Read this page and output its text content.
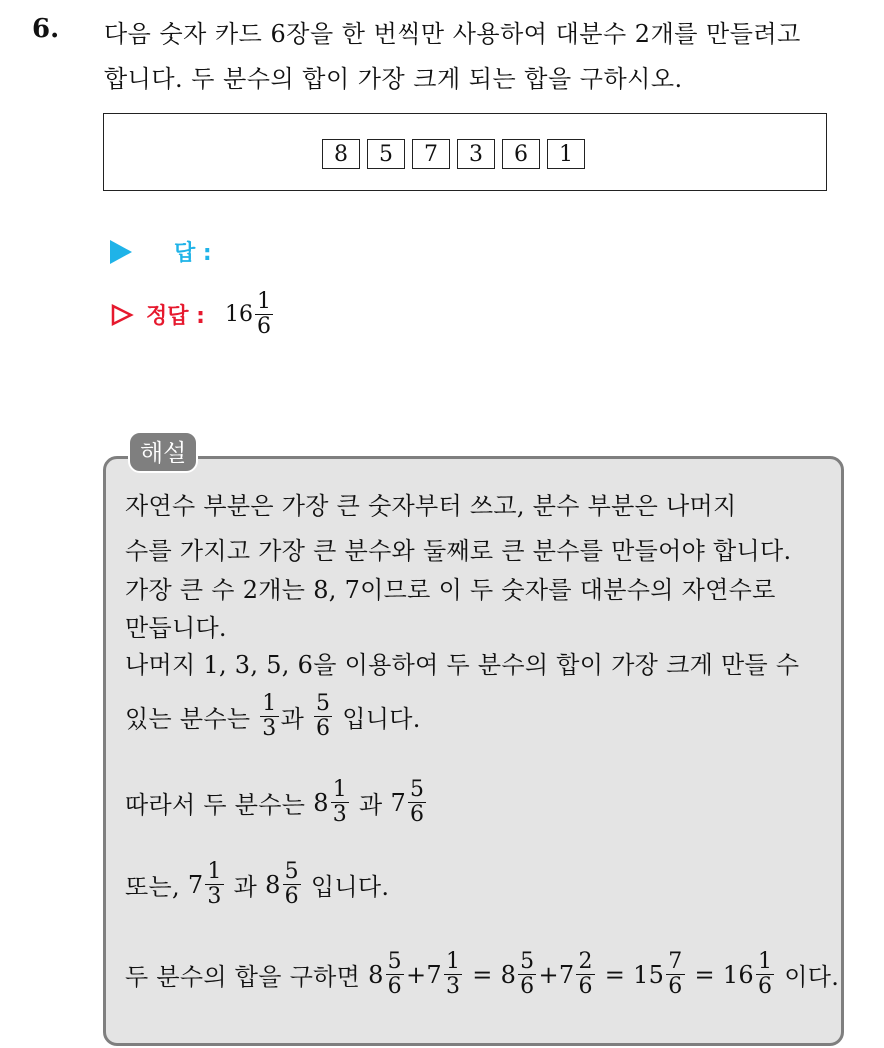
6. 다음 숫자 카드 6장을 한 번씩만 사용하여 대분수 2개를 만들려고
합니다. 두 분수의 합이 가장 크게 되는 합을 구하시오.
8	5	7	3	6	1
답 :
정답 : $16 \frac{1}{6}$
해설
자연수 부분은 가장 큰 숫자부터 쓰고, 분수 부분은 나머지
수를 가지고 가장 큰 분수와 둘째로 큰 분수를 만들어야 합니다.
가장 큰 수 2개는 8, 7이므로 이 두 숫자를 대분수의 자연수로
만듭니다.
나머지 1, 3, 5, 6을 이용하여 두 분수의 합이 가장 크게 만들 수
있는 분수는
$\frac{1}{3}$ 과
$\frac{5}{6}$
입니다.
따라서 두 분수는
$8 \frac{1}{3}$
과
$7 \frac{5}{6}$
또는,
$7 \frac{1}{3}$
과
$8 \frac{5}{6}$
입니다.
두 분수의 합을 구하면
$8 \frac{5}{6} + 7 \frac{1}{3}$
=
$8 \frac{5}{6} + 7 \frac{2}{6}$
=
$15 \frac{7}{6}$
=
$16 \frac{1}{6}$
이다.
